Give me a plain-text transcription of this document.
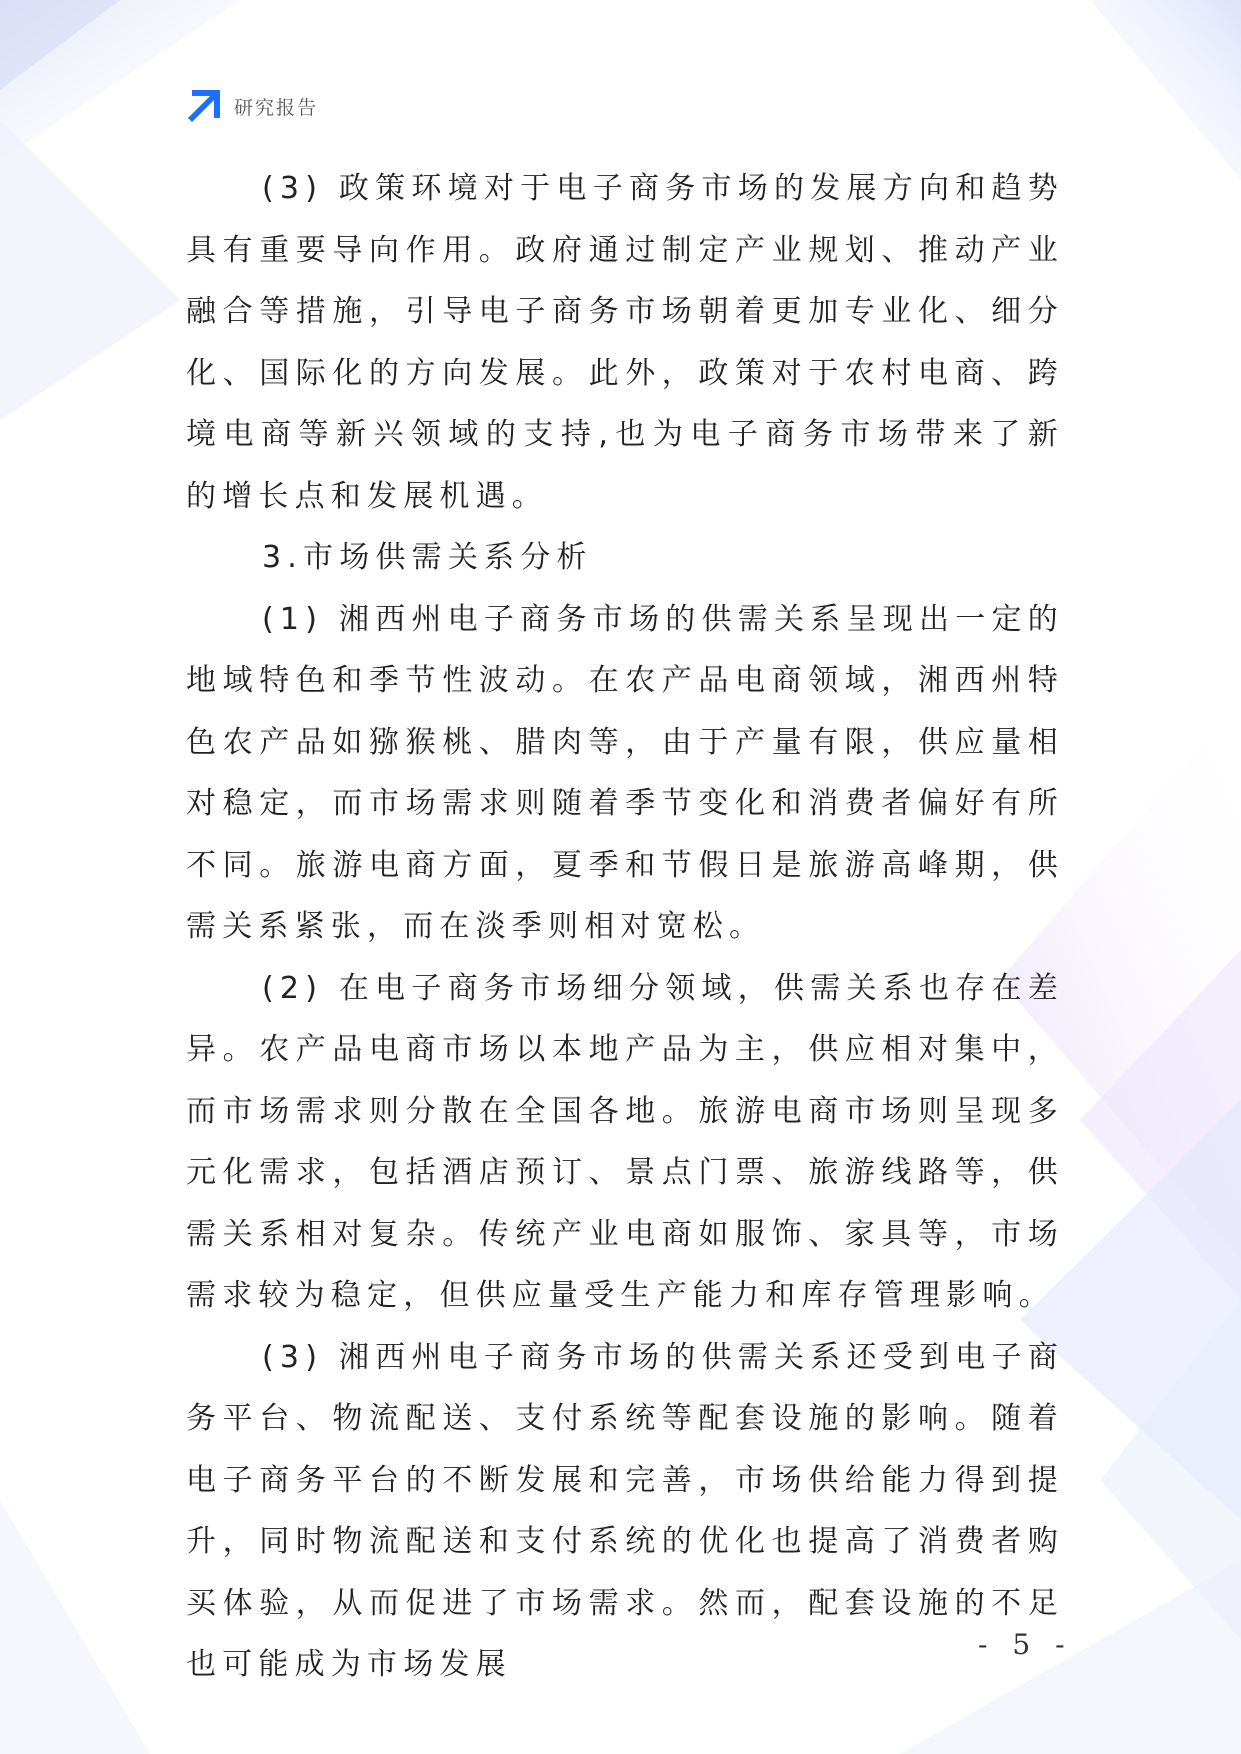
研究报告

(3) 政策环境对于电子商务市场的发展方向和趋势具有重要导向作用。政府通过制定产业规划、推动产业融合等措施，引导电子商务市场朝着更加专业化、细分化、国际化的方向发展。此外，政策对于农村电商、跨境电商等新兴领域的支持,也为电子商务市场带来了新的增长点和发展机遇。

3.市场供需关系分析

(1) 湘西州电子商务市场的供需关系呈现出一定的地域特色和季节性波动。在农产品电商领域，湘西州特色农产品如猕猴桃、腊肉等，由于产量有限，供应量相对稳定，而市场需求则随着季节变化和消费者偏好有所不同。旅游电商方面，夏季和节假日是旅游高峰期，供需关系紧张，而在淡季则相对宽松。

(2) 在电子商务市场细分领域，供需关系也存在差异。农产品电商市场以本地产品为主，供应相对集中，而市场需求则分散在全国各地。旅游电商市场则呈现多元化需求，包括酒店预订、景点门票、旅游线路等，供需关系相对复杂。传统产业电商如服饰、家具等，市场需求较为稳定，但供应量受生产能力和库存管理影响。

(3) 湘西州电子商务市场的供需关系还受到电子商务平台、物流配送、支付系统等配套设施的影响。随着电子商务平台的不断发展和完善，市场供给能力得到提升，同时物流配送和支付系统的优化也提高了消费者购买体验，从而促进了市场需求。然而，配套设施的不足也可能成为市场发展

- 5 -
